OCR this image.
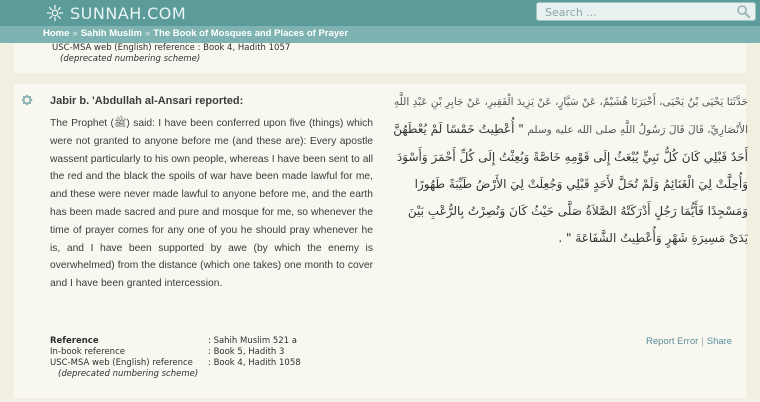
SUNNAH.COM
Search ...
Home » Sahih Muslim » The Book of Mosques and Places of Prayer
USC-MSA web (English) reference : Book 4, Hadith 1057
(deprecated numbering scheme)
Jabir b. 'Abdullah al-Ansari reported:
The Prophet (ﷺ) said: I have been conferred upon five (things) which were not granted to anyone before me (and these are): Every apostle wassent particularly to his own people, whereas I have been sent to all the red and the black the spoils of war have been made lawful for me, and these were never made lawful to anyone before me, and the earth has been made sacred and pure and mosque for me, so whenever the time of prayer comes for any one of you he should pray whenever he is, and I have been supported by awe (by which the enemy is overwhelmed) from the distance (which one takes) one month to cover and I have been granted intercession.
حَدَّثَنَا يَحْيَى بْنُ يَحْيَى، أَخْبَرَنَا هُشَيْمٌ، عَنْ سَيَّارٍ، عَنْ يَزِيدَ الْفَقِيرِ، عَنْ جَابِرِ بْنِ عَبْدِ اللَّهِ الأَنْصَارِيِّ، قَالَ قَالَ رَسُولُ اللَّهِ صلى الله عليه وسلم " أُعْطِيتُ خَمْسًا لَمْ يُعْطَهُنَّ أَحَدٌ قَبْلِي كَانَ كُلُّ نَبِيٍّ يُبْعَثُ إِلَى قَوْمِهِ خَاصَّةً وَبُعِثْتُ إِلَى كُلِّ أَحْمَرَ وَأَسْوَدَ وَأُحِلَّتْ لِيَ الْغَنَائِمُ وَلَمْ تُحَلَّ لأَحَدٍ قَبْلِي وَجُعِلَتْ لِيَ الأَرْضُ طَيِّبَةً طَهُورًا وَمَسْجِدًا فَأَيُّمَا رَجُلٍ أَدْرَكَتْهُ الصَّلاَةُ صَلَّى حَيْثُ كَانَ وَنُصِرْتُ بِالرُّعْبِ بَيْنَ يَدَىْ مَسِيرَةِ شَهْرٍ وَأُعْطِيتُ الشَّفَاعَةَ " .
Reference	: Sahih Muslim 521 a
In-book reference	: Book 5, Hadith 3
USC-MSA web (English) reference	: Book 4, Hadith 1058
(deprecated numbering scheme)	
Report Error | Share
